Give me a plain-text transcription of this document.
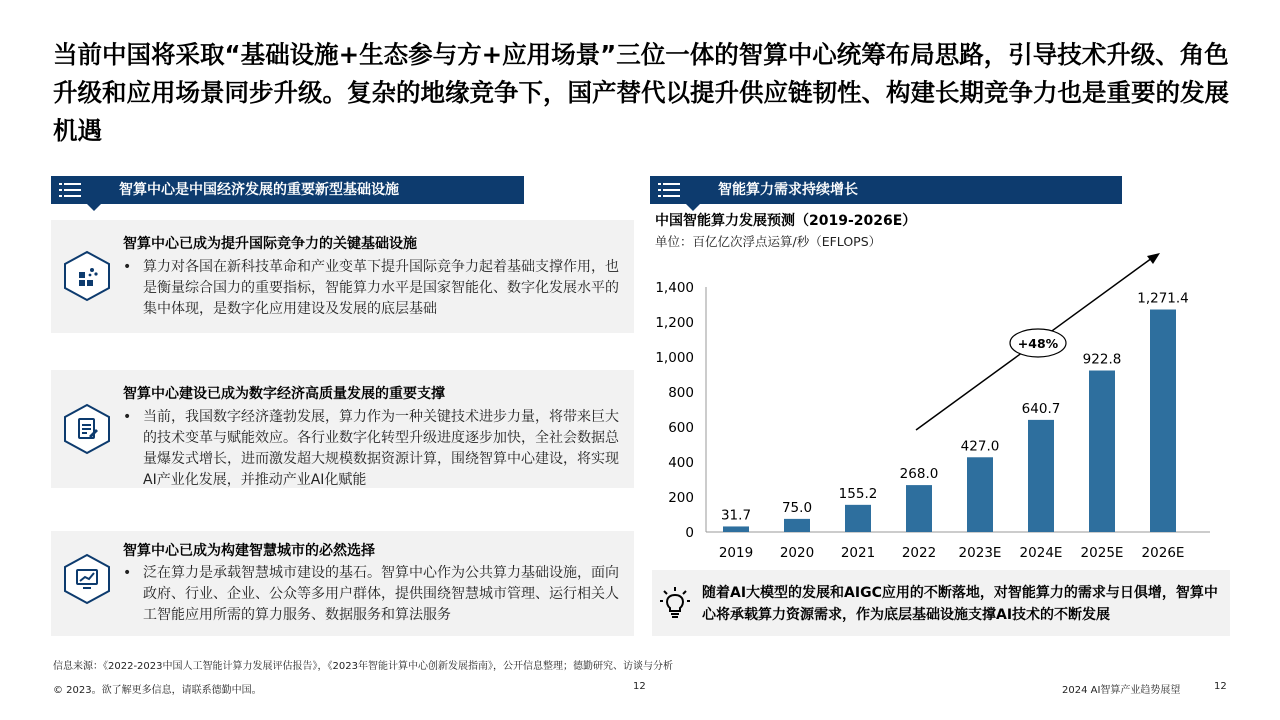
当前中国将采取“基础设施+生态参与方+应用场景”三位一体的智算中心统筹布局思路，引导技术升级、角色升级和应用场景同步升级。复杂的地缘竞争下，国产替代以提升供应链韧性、构建长期竞争力也是重要的发展机遇
智算中心是中国经济发展的重要新型基础设施
智算中心已成为提升国际竞争力的关键基础设施
• 算力对各国在新科技革命和产业变革下提升国际竞争力起着基础支撑作用，也是衡量综合国力的重要指标，智能算力水平是国家智能化、数字化发展水平的集中体现，是数字化应用建设及发展的底层基础
智算中心建设已成为数字经济高质量发展的重要支撑
• 当前，我国数字经济蓬勃发展，算力作为一种关键技术进步力量，将带来巨大的技术变革与赋能效应。各行业数字化转型升级进度逐步加快，全社会数据总量爆发式增长，进而激发超大规模数据资源计算，围绕智算中心建设，将实现AI产业化发展，并推动产业AI化赋能
智算中心已成为构建智慧城市的必然选择
• 泛在算力是承载智慧城市建设的基石。智算中心作为公共算力基础设施，面向政府、行业、企业、公众等多用户群体，提供围绕智慧城市管理、运行相关人工智能应用所需的算力服务、数据服务和算法服务
智能算力需求持续增长
中国智能算力发展预测（2019-2026E）
单位：百亿亿次浮点运算/秒（EFLOPS）
0
200
400
600
800
1,000
1,200
1,400
31.7
2019
75.0
2020
155.2
2021
268.0
2022
427.0
2023E
640.7
2024E
922.8
2025E
1,271.4
2026E
+48%
随着AI大模型的发展和AIGC应用的不断落地，对智能算力的需求与日俱增，智算中心将承载算力资源需求，作为底层基础设施支撑AI技术的不断发展
信息来源：《2022-2023中国人工智能计算力发展评估报告》，《2023年智能计算中心创新发展指南》，公开信息整理；德勤研究、访谈与分析
© 2023。欲了解更多信息，请联系德勤中国。	12	2024 AI智算产业趋势展望	12
